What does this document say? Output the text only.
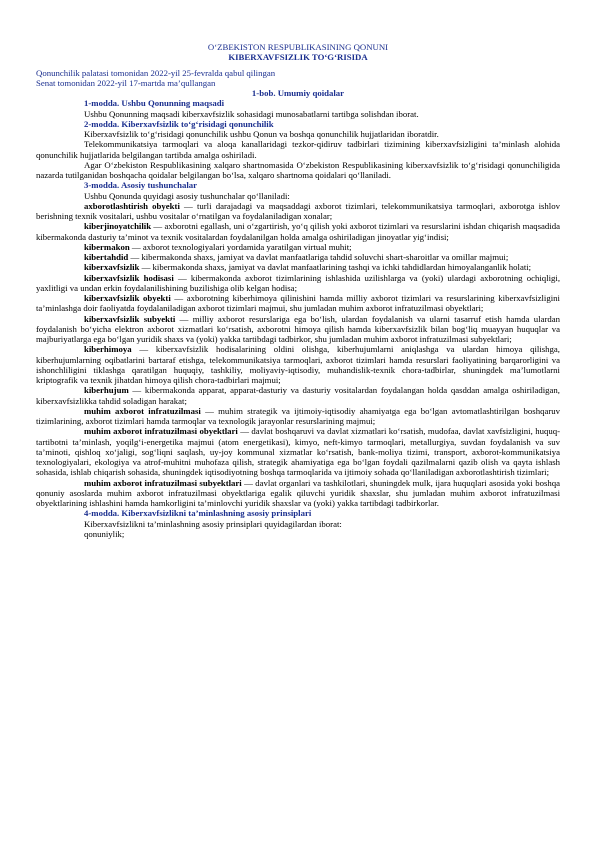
O‘ZBEKISTON RESPUBLIKASINING QONUNI
KIBERXAVFSIZLIK TO‘G‘RISIDA
Qonunchilik palatasi tomonidan 2022-yil 25-fevralda qabul qilingan
Senat tomonidan 2022-yil 17-martda ma’qullangan
1-bob. Umumiy qoidalar
1-modda. Ushbu Qonunning maqsadi

Ushbu Qonunning maqsadi kiberxavfsizlik sohasidagi munosabatlarni tartibga solishdan iborat.

2-modda. Kiberxavfsizlik to‘g‘risidagi qonunchilik

Kiberxavfsizlik to‘g‘risidagi qonunchilik ushbu Qonun va boshqa qonunchilik hujjatlaridan iboratdir.

Telekommunikatsiya tarmoqlari va aloqa kanallaridagi tezkor-qidiruv tadbirlari tizimining kiberxavfsizligini ta’minlash alohida qonunchilik hujjatlarida belgilangan tartibda amalga oshiriladi.

Agar O‘zbekiston Respublikasining xalqaro shartnomasida O‘zbekiston Respublikasining kiberxavfsizlik to‘g‘risidagi qonunchiligida nazarda tutilganidan boshqacha qoidalar belgilangan bo‘lsa, xalqaro shartnoma qoidalari qo‘llaniladi.

3-modda. Asosiy tushunchalar

Ushbu Qonunda quyidagi asosiy tushunchalar qo‘llaniladi:

axborotlashtirish obyekti — turli darajadagi va maqsaddagi axborot tizimlari, telekommunikatsiya tarmoqlari, axborotga ishlov berishning texnik vositalari, ushbu vositalar o‘rnatilgan va foydalaniladigan xonalar;

kiberjinoyatchilik — axborotni egallash, uni o‘zgartirish, yo‘q qilish yoki axborot tizimlari va resurslarini ishdan chiqarish maqsadida kibermakonda dasturiy ta’minot va texnik vositalardan foydalanilgan holda amalga oshiriladigan jinoyatlar yig‘indisi;

kibermakon — axborot texnologiyalari yordamida yaratilgan virtual muhit;

kibertahdid — kibermakonda shaxs, jamiyat va davlat manfaatlariga tahdid soluvchi shart-sharoitlar va omillar majmui;

kiberxavfsizlik — kibermakonda shaxs, jamiyat va davlat manfaatlarining tashqi va ichki tahdidlardan himoyalanganlik holati;

kiberxavfsizlik hodisasi — kibermakonda axborot tizimlarining ishlashida uzilishlarga va (yoki) ulardagi axborotning ochiqligi, yaxlitligi va undan erkin foydalanilishining buzilishiga olib kelgan hodisa;

kiberxavfsizlik obyekti — axborotning kiberhimoya qilinishini hamda milliy axborot tizimlari va resurslarining kiberxavfsizligini ta’minlashga doir faoliyatda foydalaniladigan axborot tizimlari majmui, shu jumladan muhim axborot infratuzilmasi obyektlari;

kiberxavfsizlik subyekti — milliy axborot resurslariga ega bo‘lish, ulardan foydalanish va ularni tasarruf etish hamda ulardan foydalanish bo‘yicha elektron axborot xizmatlari ko‘rsatish, axborotni himoya qilish hamda kiberxavfsizlik bilan bog‘liq muayyan huquqlar va majburiyatlarga ega bo‘lgan yuridik shaxs va (yoki) yakka tartibdagi tadbirkor, shu jumladan muhim axborot infratuzilmasi subyektlari;

kiberhimoya — kiberxavfsizlik hodisalarining oldini olishga, kiberhujumlarni aniqlashga va ulardan himoya qilishga, kiberhujumlarning oqibatlarini bartaraf etishga, telekommunikatsiya tarmoqlari, axborot tizimlari hamda resurslari faoliyatining barqarorligini va ishonchliligini tiklashga qaratilgan huquqiy, tashkiliy, moliyaviy-iqtisodiy, muhandislik-texnik chora-tadbirlar, shuningdek ma’lumotlarni kriptografik va texnik jihatdan himoya qilish chora-tadbirlari majmui;

kiberhujum — kibermakonda apparat, apparat-dasturiy va dasturiy vositalardan foydalangan holda qasddan amalga oshiriladigan, kiberxavfsizlikka tahdid soladigan harakat;

muhim axborot infratuzilmasi — muhim strategik va ijtimoiy-iqtisodiy ahamiyatga ega bo‘lgan avtomatlashtirilgan boshqaruv tizimlarining, axborot tizimlari hamda tarmoqlar va texnologik jarayonlar resurslarining majmui;

muhim axborot infratuzilmasi obyektlari — davlat boshqaruvi va davlat xizmatlari ko‘rsatish, mudofaa, davlat xavfsizligini, huquq-tartibotni ta’minlash, yoqilg‘i-energetika majmui (atom energetikasi), kimyo, neft-kimyo tarmoqlari, metallurgiya, suvdan foydalanish va suv ta’minoti, qishloq xo‘jaligi, sog‘liqni saqlash, uy-joy kommunal xizmatlar ko‘rsatish, bank-moliya tizimi, transport, axborot-kommunikatsiya texnologiyalari, ekologiya va atrof-muhitni muhofaza qilish, strategik ahamiyatiga ega bo‘lgan foydali qazilmalarni qazib olish va qayta ishlash sohasida, ishlab chiqarish sohasida, shuningdek iqtisodiyotning boshqa tarmoqlarida va ijtimoiy sohada qo‘llaniladigan axborotlashtirish tizimlari;

muhim axborot infratuzilmasi subyektlari — davlat organlari va tashkilotlari, shuningdek mulk, ijara huquqlari asosida yoki boshqa qonuniy asoslarda muhim axborot infratuzilmasi obyektlariga egalik qiluvchi yuridik shaxslar, shu jumladan muhim axborot infratuzilmasi obyektlarining ishlashini hamda hamkorligini ta’minlovchi yuridik shaxslar va (yoki) yakka tartibdagi tadbirkorlar.

4-modda. Kiberxavfsizlikni ta’minlashning asosiy prinsiplari

Kiberxavfsizlikni ta’minlashning asosiy prinsiplari quyidagilardan iborat:

qonuniylik;
